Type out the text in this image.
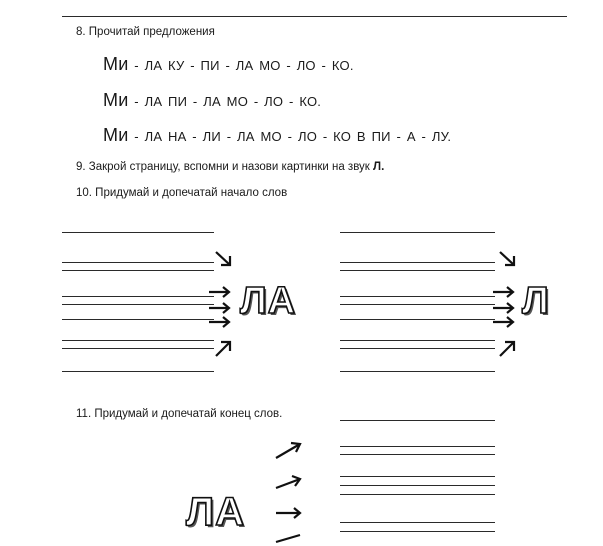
8. Прочитай предложения
Ми - ЛА КУ - ПИ - ЛА МО - ЛО - КО.
Ми - ЛА ПИ - ЛА МО - ЛО - КО.
Ми - ЛА НА - ЛИ - ЛА МО - ЛО - КО В ПИ - А - ЛУ.
9. Закрой страницу, вспомни и назови картинки на звук Л.
10. Придумай и допечатай начало слов
ЛА	Л
11. Придумай и допечатай конец слов.
ЛА
